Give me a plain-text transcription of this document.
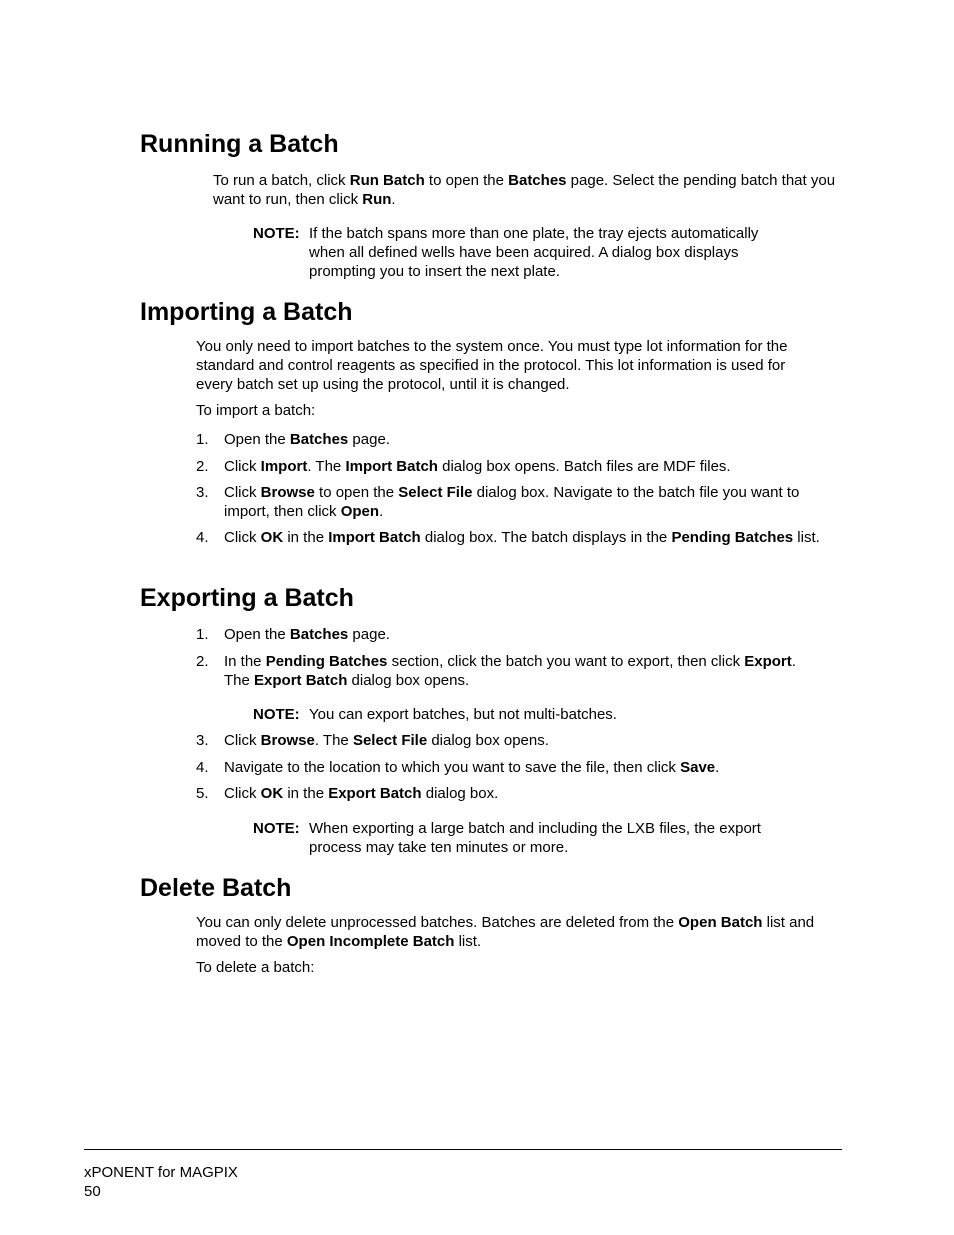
Running a Batch

To run a batch, click Run Batch to open the Batches page. Select the pending batch that you want to run, then click Run.

NOTE: If the batch spans more than one plate, the tray ejects automatically when all defined wells have been acquired. A dialog box displays prompting you to insert the next plate.
Importing a Batch

You only need to import batches to the system once. You must type lot information for the standard and control reagents as specified in the protocol. This lot information is used for every batch set up using the protocol, until it is changed.

To import a batch:

1. Open the Batches page.
2. Click Import. The Import Batch dialog box opens. Batch files are MDF files.
3. Click Browse to open the Select File dialog box. Navigate to the batch file you want to import, then click Open.
4. Click OK in the Import Batch dialog box. The batch displays in the Pending Batches list.
Exporting a Batch
1. Open the Batches page.
2. In the Pending Batches section, click the batch you want to export, then click Export. The Export Batch dialog box opens.
NOTE: You can export batches, but not multi-batches.
3. Click Browse. The Select File dialog box opens.
4. Navigate to the location to which you want to save the file, then click Save.
5. Click OK in the Export Batch dialog box.
NOTE: When exporting a large batch and including the LXB files, the export process may take ten minutes or more.
Delete Batch

You can only delete unprocessed batches. Batches are deleted from the Open Batch list and moved to the Open Incomplete Batch list.

To delete a batch:

xPONENT for MAGPIX
50
